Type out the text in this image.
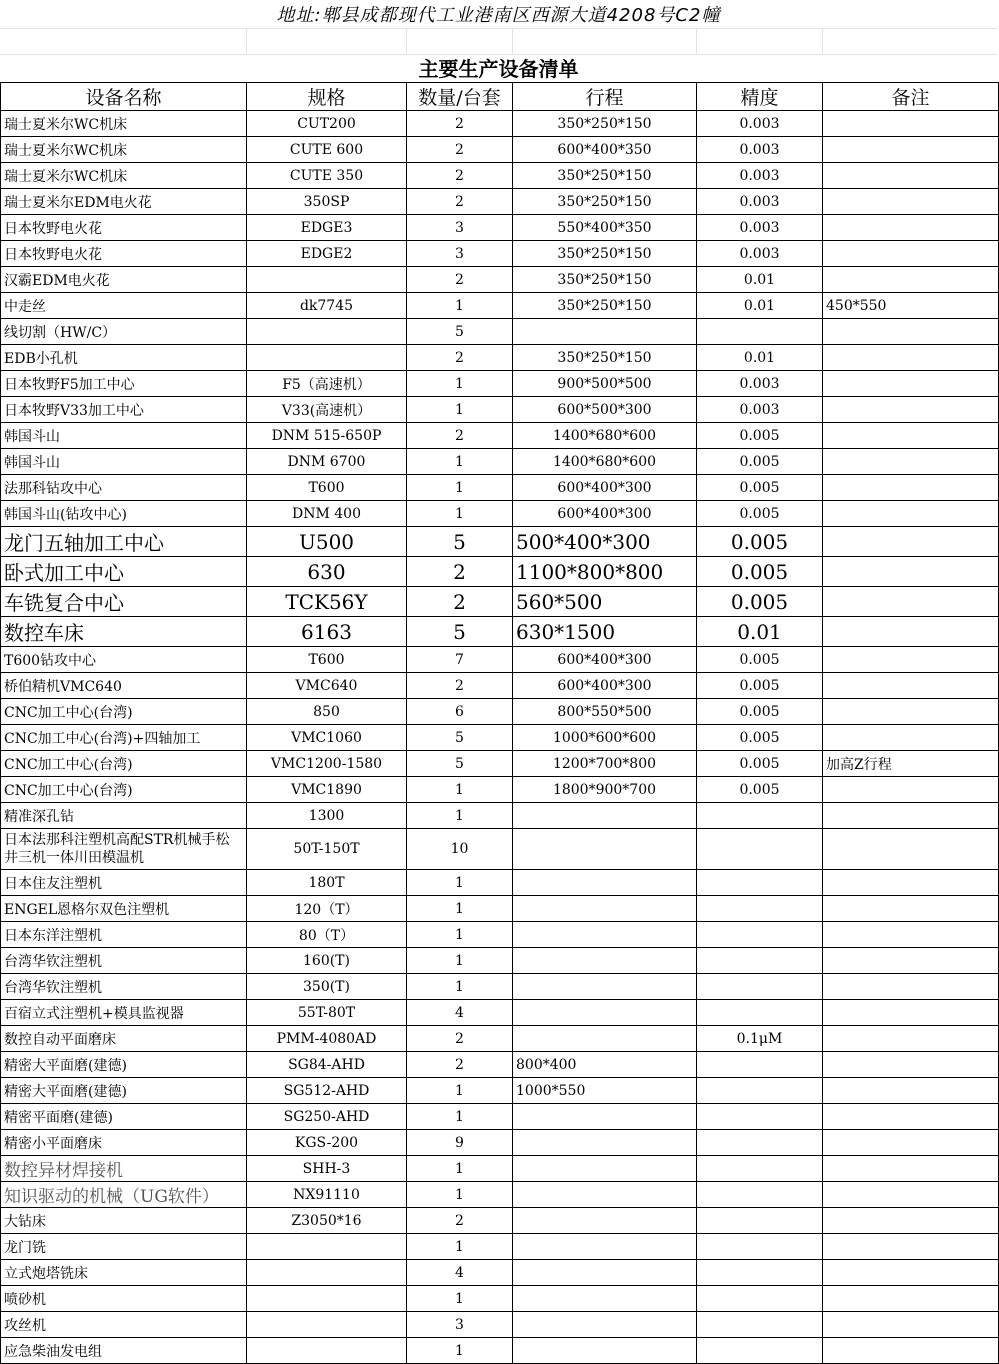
地址:郫县成都现代工业港南区西源大道4208号C2幢
主要生产设备清单
设备名称	规格	数量/台套	行程	精度	备注
瑞士夏米尔WC机床	CUT200	2	350*250*150	0.003	
瑞士夏米尔WC机床	CUTE 600	2	600*400*350	0.003	
瑞士夏米尔WC机床	CUTE 350	2	350*250*150	0.003	
瑞士夏米尔EDM电火花	350SP	2	350*250*150	0.003	
日本牧野电火花	EDGE3	3	550*400*350	0.003	
日本牧野电火花	EDGE2	3	350*250*150	0.003	
汉霸EDM电火花		2	350*250*150	0.01	
中走丝	dk7745	1	350*250*150	0.01	450*550
线切割（HW/C）		5			
EDB小孔机		2	350*250*150	0.01	
日本牧野F5加工中心	F5（高速机）	1	900*500*500	0.003	
日本牧野V33加工中心	V33(高速机）	1	600*500*300	0.003	
韩国斗山	DNM 515-650P	2	1400*680*600	0.005	
韩国斗山	DNM 6700	1	1400*680*600	0.005	
法那科钻攻中心	T600	1	600*400*300	0.005	
韩国斗山(钻攻中心)	DNM 400	1	600*400*300	0.005	
龙门五轴加工中心	U500	5	500*400*300	0.005	
卧式加工中心	630	2	1100*800*800	0.005	
车铣复合中心	TCK56Y	2	560*500	0.005	
数控车床	6163	5	630*1500	0.01	
T600钻攻中心	T600	7	600*400*300	0.005	
桥伯精机VMC640	VMC640	2	600*400*300	0.005	
CNC加工中心(台湾)	850	6	800*550*500	0.005	
CNC加工中心(台湾)+四轴加工	VMC1060	5	1000*600*600	0.005	
CNC加工中心(台湾)	VMC1200-1580	5	1200*700*800	0.005	加高Z行程
CNC加工中心(台湾)	VMC1890	1	1800*900*700	0.005	
精准深孔钻	1300	1			
日本法那科注塑机高配STR机械手松井三机一体川田模温机	50T-150T	10			
日本住友注塑机	180T	1			
ENGEL恩格尔双色注塑机	120（T）	1			
日本东洋注塑机	80（T）	1			
台湾华钦注塑机	160(T)	1			
台湾华钦注塑机	350(T)	1			
百宿立式注塑机+模具监视器	55T-80T	4			
数控自动平面磨床	PMM-4080AD	2		0.1μM	
精密大平面磨(建德)	SG84-AHD	2	800*400		
精密大平面磨(建德)	SG512-AHD	1	1000*550		
精密平面磨(建德)	SG250-AHD	1			
精密小平面磨床	KGS-200	9			
数控异材焊接机	SHH-3	1			
知识驱动的机械（UG软件）	NX91110	1			
大钻床	Z3050*16	2			
龙门铣		1			
立式炮塔铣床		4			
喷砂机		1			
攻丝机		3			
应急柴油发电组		1			
